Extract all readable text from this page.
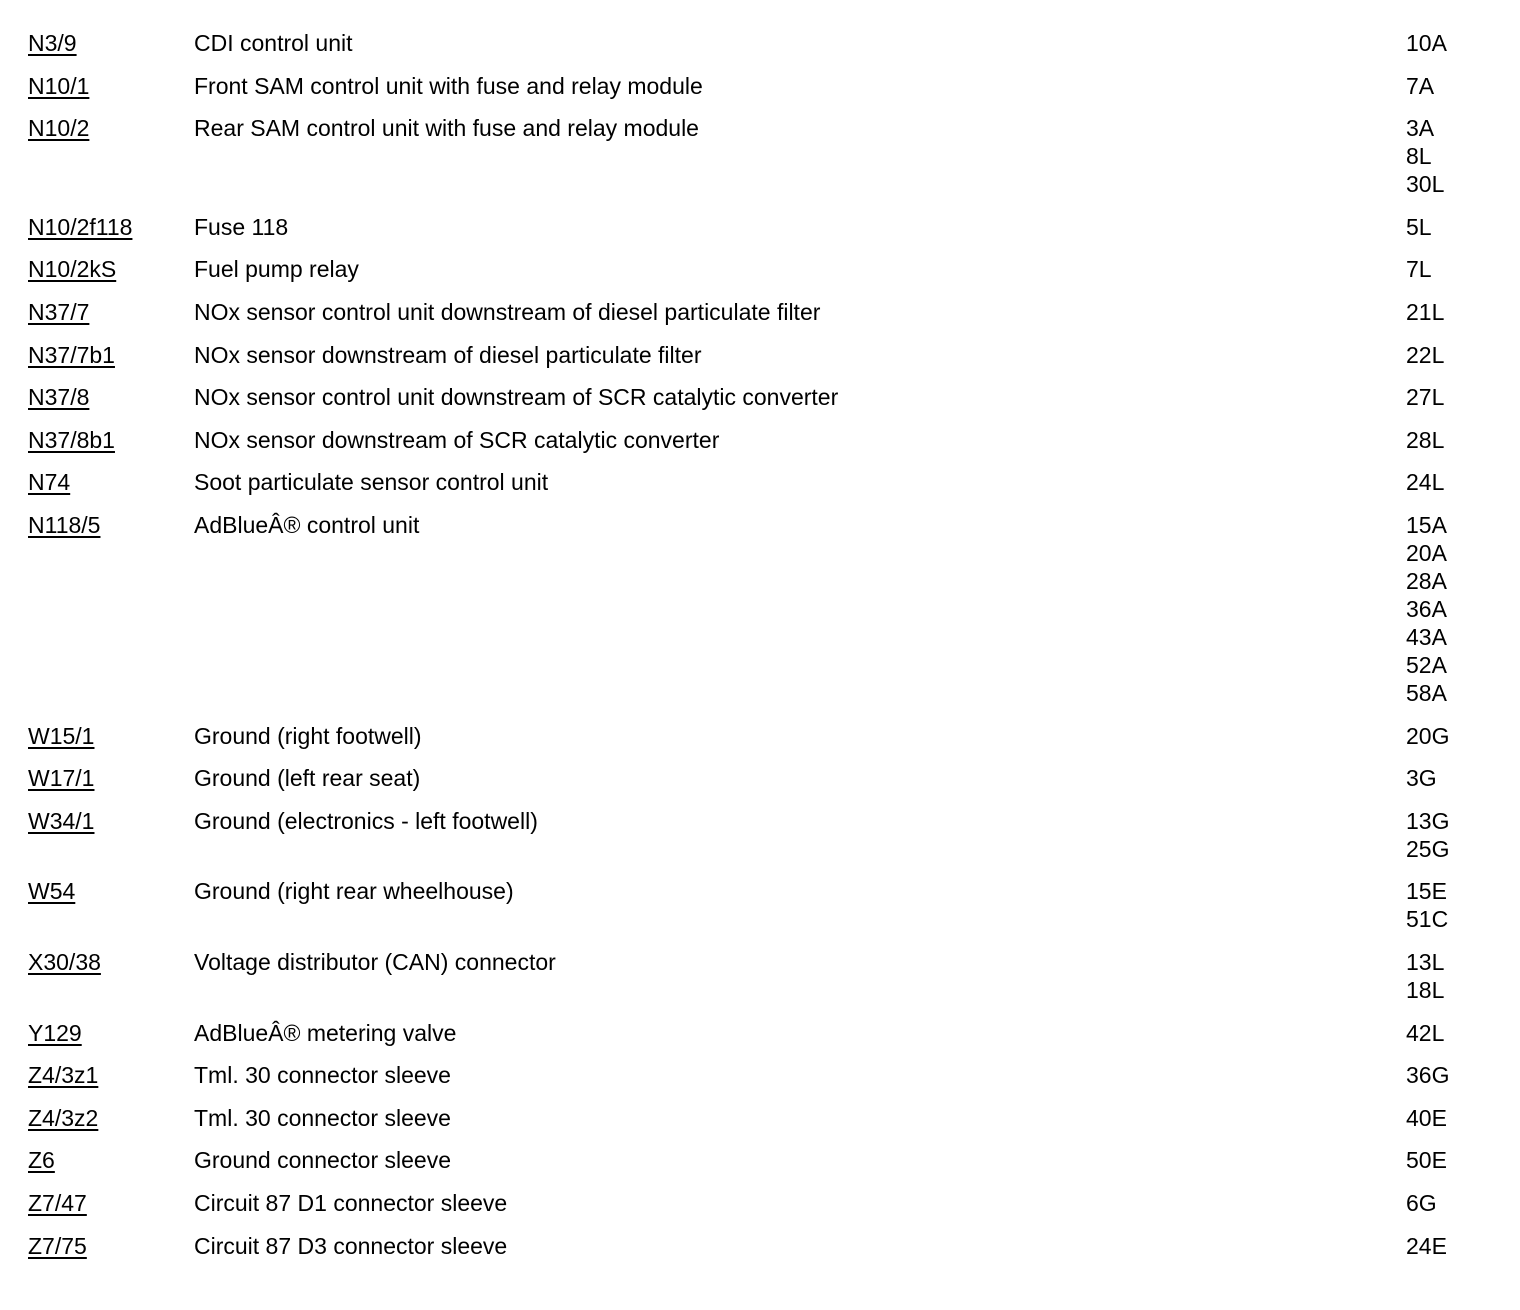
N3/9	CDI control unit	10A
N10/1	Front SAM control unit with fuse and relay module	7A
N10/2	Rear SAM control unit with fuse and relay module	3A
8L
30L
N10/2f118	Fuse 118	5L
N10/2kS	Fuel pump relay	7L
N37/7	NOx sensor control unit downstream of diesel particulate filter	21L
N37/7b1	NOx sensor downstream of diesel particulate filter	22L
N37/8	NOx sensor control unit downstream of SCR catalytic converter	27L
N37/8b1	NOx sensor downstream of SCR catalytic converter	28L
N74	Soot particulate sensor control unit	24L
N118/5	AdBlueÂ® control unit	15A
20A
28A
36A
43A
52A
58A
W15/1	Ground (right footwell)	20G
W17/1	Ground (left rear seat)	3G
W34/1	Ground (electronics - left footwell)	13G
25G
W54	Ground (right rear wheelhouse)	15E
51C
X30/38	Voltage distributor (CAN) connector	13L
18L
Y129	AdBlueÂ® metering valve	42L
Z4/3z1	Tml. 30 connector sleeve	36G
Z4/3z2	Tml. 30 connector sleeve	40E
Z6	Ground connector sleeve	50E
Z7/47	Circuit 87 D1 connector sleeve	6G
Z7/75	Circuit 87 D3 connector sleeve	24E
